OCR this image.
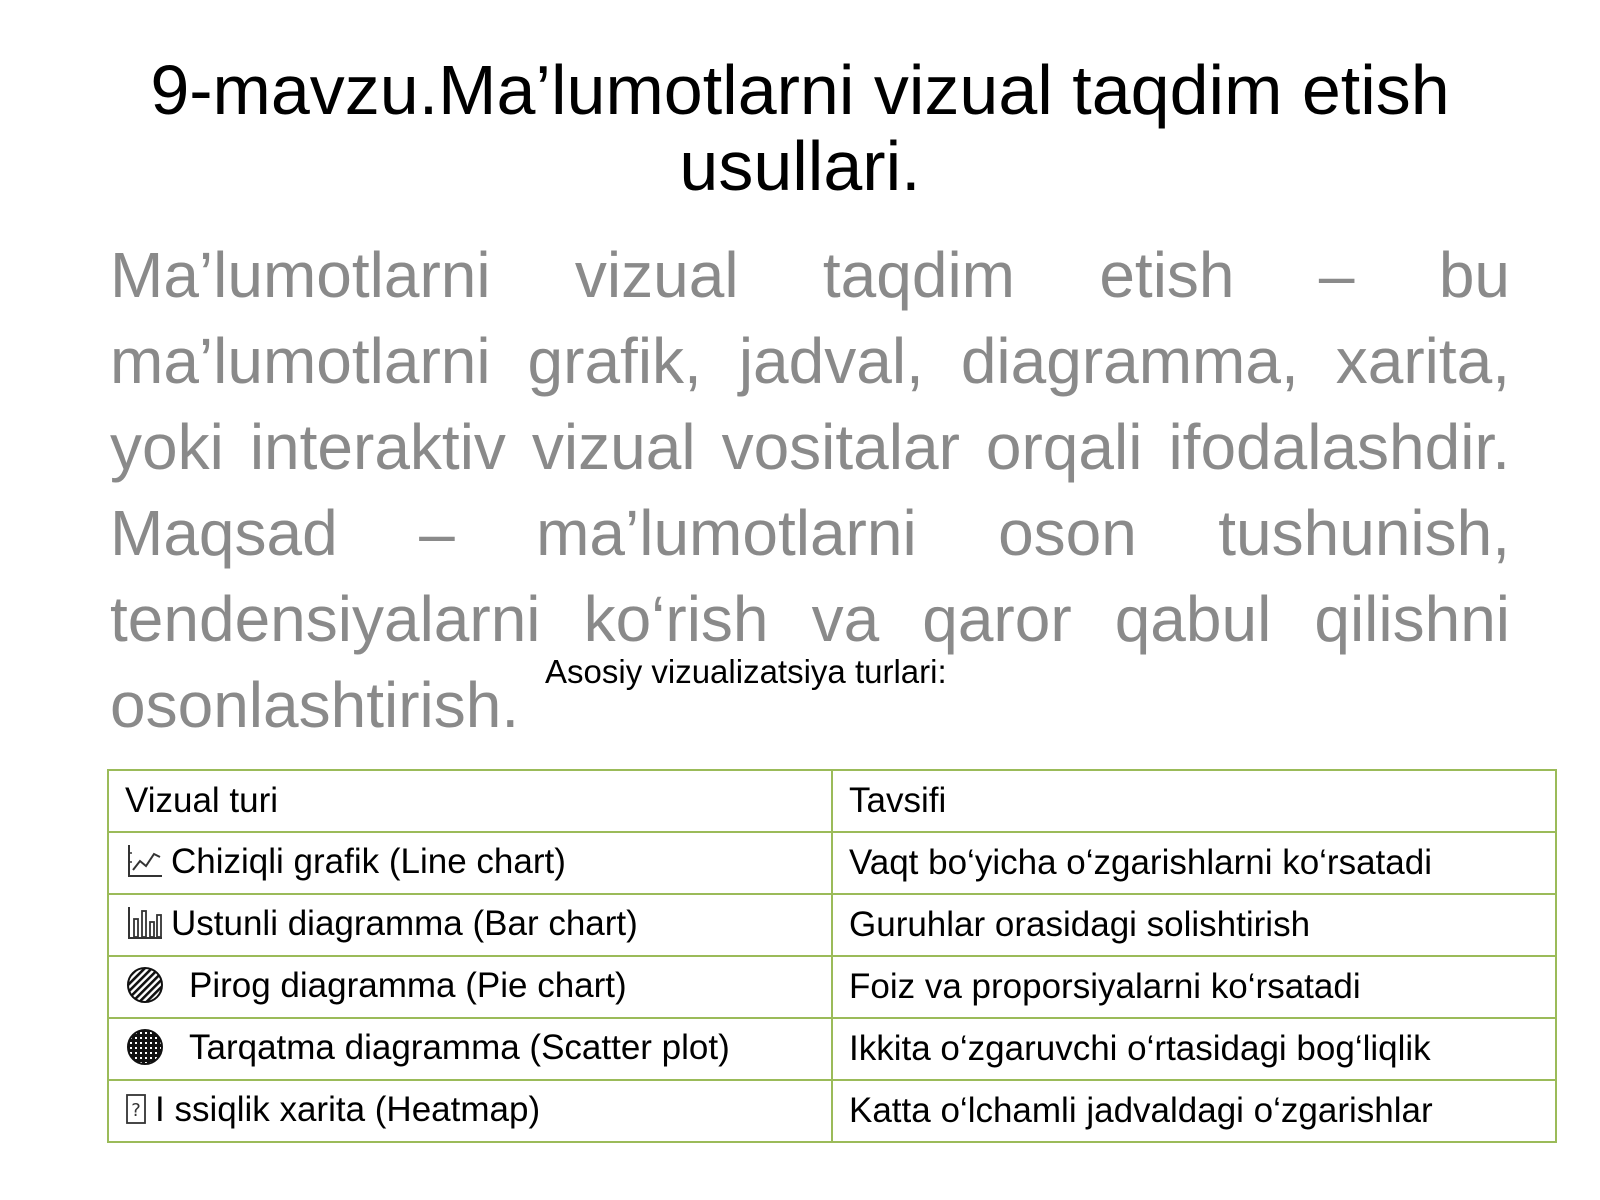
9-mavzu.Ma’lumotlarni vizual taqdim etish
usullari.

Ma’lumotlarni vizual taqdim etish – bu ma’lumotlarni grafik, jadval, diagramma, xarita, yoki interaktiv vizual vositalar orqali ifodalashdir. Maqsad – ma’lumotlarni oson tushunish, tendensiyalarni ko‘rish va qaror qabul qilishni osonlashtirish. Asosiy vizualizatsiya turlari:
Vizual turi	Tavsifi

Chiziqli grafik (Line chart)	Vaqt bo‘yicha o‘zgarishlarni ko‘rsatadi

Ustunli diagramma (Bar chart)	Guruhlar orasidagi solishtirish

Pirog diagramma (Pie chart)	Foiz va proporsiyalarni ko‘rsatadi

Tarqatma diagramma (Scatter plot)	Ikkita o‘zgaruvchi o‘rtasidagi bog‘liqlik

? I ssiqlik xarita (Heatmap)	Katta o‘lchamli jadvaldagi o‘zgarishlar
